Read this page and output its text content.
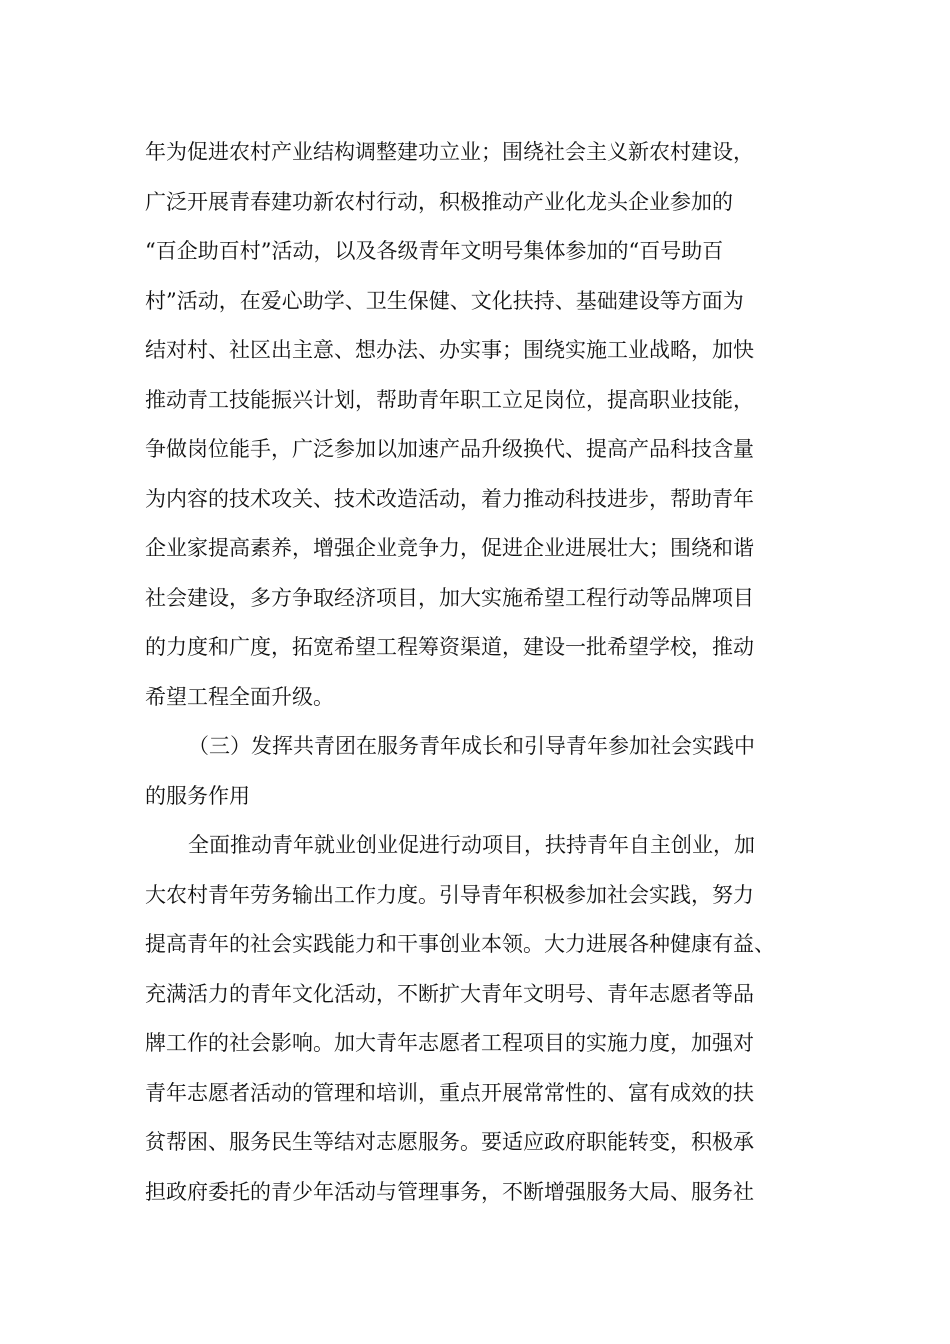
年为促进农村产业结构调整建功立业；围绕社会主义新农村建设，
广泛开展青春建功新农村行动，积极推动产业化龙头企业参加的
“百企助百村”活动，以及各级青年文明号集体参加的“百号助百
村”活动，在爱心助学、卫生保健、文化扶持、基础建设等方面为
结对村、社区出主意、想办法、办实事；围绕实施工业战略，加快
推动青工技能振兴计划，帮助青年职工立足岗位，提高职业技能，
争做岗位能手，广泛参加以加速产品升级换代、提高产品科技含量
为内容的技术攻关、技术改造活动，着力推动科技进步，帮助青年
企业家提高素养，增强企业竞争力，促进企业进展壮大；围绕和谐
社会建设，多方争取经济项目，加大实施希望工程行动等品牌项目
的力度和广度，拓宽希望工程筹资渠道，建设一批希望学校，推动
希望工程全面升级。
（三）发挥共青团在服务青年成长和引导青年参加社会实践中
的服务作用
全面推动青年就业创业促进行动项目，扶持青年自主创业，加
大农村青年劳务输出工作力度。引导青年积极参加社会实践，努力
提高青年的社会实践能力和干事创业本领。大力进展各种健康有益、
充满活力的青年文化活动，不断扩大青年文明号、青年志愿者等品
牌工作的社会影响。加大青年志愿者工程项目的实施力度，加强对
青年志愿者活动的管理和培训，重点开展常常性的、富有成效的扶
贫帮困、服务民生等结对志愿服务。要适应政府职能转变，积极承
担政府委托的青少年活动与管理事务，不断增强服务大局、服务社
